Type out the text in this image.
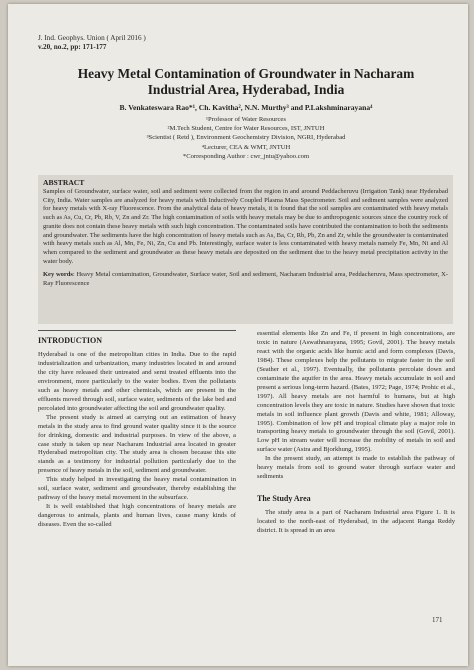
J. Ind. Geophys. Union ( April 2016 )
v.20, no.2, pp: 171-177
Heavy Metal Contamination of Groundwater in Nacharam
Industrial Area, Hyderabad, India
B. Venkateswara Rao*¹, Ch. Kavitha², N.N. Murthy³ and P.Lakshminarayana⁴
¹Professor of Water Resources
²M.Tech Student, Centre for Water Resources, IST, JNTUH
³Scientist ( Retd ), Environment Geochemistry Division, NGRI, Hyderabad
⁴Lecturer, CEA & WMT, JNTUH
*Corresponding Author : cwr_jntu@yahoo.com
ABSTRACT
Samples of Groundwater, surface water, soil and sediment were collected from the region in and around Peddacheruvu (Irrigation Tank) near Hyderabad City, India. Water samples are analyzed for heavy metals with Inductively Coupled Plasma Mass Spectrometer. Soil and sediment samples were analyzed for heavy metals with X-ray Fluorescence. From the analytical data of heavy metals, it is found that the soil samples are contaminated with heavy metals such as As, Cu, Cr, Pb, Rb, V, Zn and Zr. The high contamination of soils with heavy metals may be due to anthropogenic sources since the country rock of granite does not contain these heavy metals with such high concentration. The contaminated soils have contributed the contamination to both the sediments and groundwater. The sediments have the high concentration of heavy metals such as As, Ba, Cr, Rb, Pb, Zn and Zr, while the groundwater is contaminated with heavy metals such as Al, Mn, Fe, Ni, Zn, Cu and Pb. Interestingly, surface water is less contaminated with heavy metals namely Fe, Mn, Ni and Al when compared to the sediment and groundwater as these heavy metals are deposited on the sediment due to the heavy metal precipitation activity in the water body.
Key words: Heavy Metal contamination, Groundwater, Surface water, Soil and sediment, Nacharam Industrial area, Peddacheruvu, Mass spectrometer, X-Ray Fluorescence
INTRODUCTION

Hyderabad is one of the metropolitan cities in India. Due to the rapid industrialization and urbanization, many industries located in and around the city have released their untreated and semi treated effluents into the environment, more particularly to the water bodies. Even the pollutants such as heavy metals and other chemicals, which are present in the effluents moved through soil, surface water, sediments of the lake bed and percolated into groundwater affecting the soil and groundwater quality.

The present study is aimed at carrying out an estimation of heavy metals in the study area to find ground water quality since it is the source for drinking, domestic and industrial purposes. In view of the above, a case study is taken up near Nacharam Industrial area located in greater Hyderabad metropolitan city. The study area is chosen because this site stands as a testimony for industrial pollution particularly due to the presence of heavy metals in the soil, sediment and groundwater.

This study helped in investigating the heavy metal contamination in soil, surface water, sediment and groundwater, thereby establishing the pathway of the heavy metal movement in the subsurface.

It is well established that high concentrations of heavy metals are dangerous to animals, plants and human lives, cause many kinds of diseases. Even the so-called

essential elements like Zn and Fe, if present in high concentrations, are toxic in nature (Aswathnarayana, 1995; Govil, 2001). The heavy metals react with the organic acids like humic acid and form complexes (Davis, 1984). These complexes help the pollutants to migrate faster in the soil (Seather et al., 1997). Eventually, the pollutants percolate down and contaminate the aquifer in the area. Heavy metals accumulate in soil and present a serious long-term hazard. (Bates, 1972; Page, 1974; Prohic et al., 1997). All heavy metals are not harmful to humans, but at high concentration levels they are toxic in nature. Studies have shown that toxic metals in soil influence plant growth (Davis and white, 1981; Alloway, 1995). Combination of low pH and tropical climate play a major role in transporting heavy metals to groundwater through the soil (Govil, 2001). Low pH in stream water will increase the mobility of metals in soil and surface water (Astra and Bjorkhung, 1995).

In the present study, an attempt is made to establish the pathway of heavy metals from soil to ground water through surface water and sediments

The Study Area

The study area is a part of Nacharam Industrial area Figure 1. It is located to the north-east of Hyderabad, in the adjacent Ranga Reddy district. It is spread in an area

171
